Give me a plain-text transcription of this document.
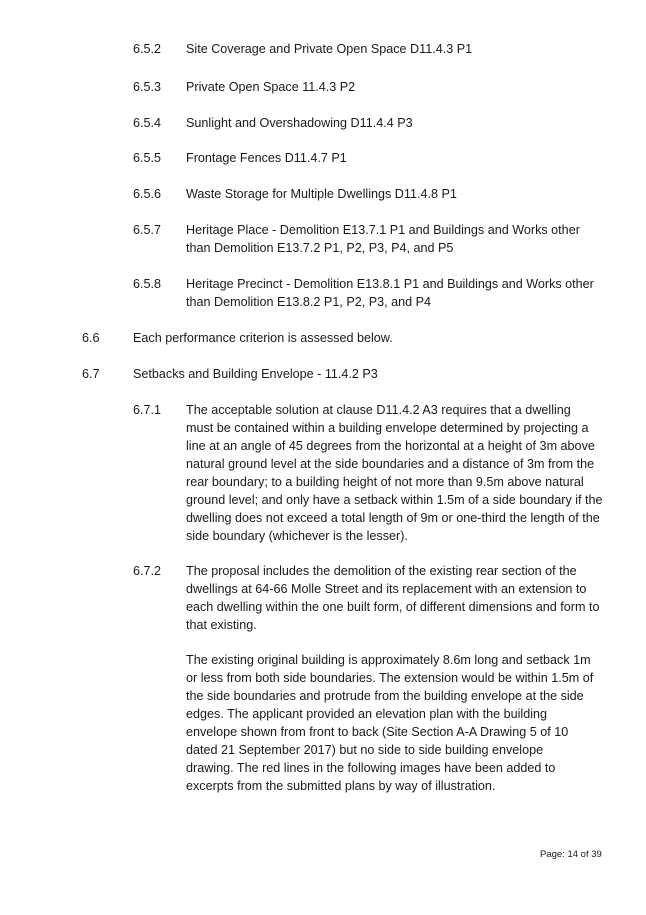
6.5.2 Site Coverage and Private Open Space D11.4.3 P1
6.5.3 Private Open Space 11.4.3 P2
6.5.4 Sunlight and Overshadowing D11.4.4 P3
6.5.5 Frontage Fences D11.4.7 P1
6.5.6 Waste Storage for Multiple Dwellings D11.4.8 P1
6.5.7 Heritage Place - Demolition E13.7.1 P1 and Buildings and Works other
than Demolition E13.7.2 P1, P2, P3, P4, and P5
6.5.8 Heritage Precinct - Demolition E13.8.1 P1 and Buildings and Works other
than Demolition E13.8.2 P1, P2, P3, and P4
6.6	Each performance criterion is assessed below.
6.7	Setbacks and Building Envelope - 11.4.2 P3
6.7.1 The acceptable solution at clause D11.4.2 A3 requires that a dwelling
must be contained within a building envelope determined by projecting a
line at an angle of 45 degrees from the horizontal at a height of 3m above
natural ground level at the side boundaries and a distance of 3m from the
rear boundary; to a building height of not more than 9.5m above natural
ground level; and only have a setback within 1.5m of a side boundary if the
dwelling does not exceed a total length of 9m or one-third the length of the
side boundary (whichever is the lesser).
6.7.2 The proposal includes the demolition of the existing rear section of the
dwellings at 64-66 Molle Street and its replacement with an extension to
each dwelling within the one built form, of different dimensions and form to
that existing.
The existing original building is approximately 8.6m long and setback 1m
or less from both side boundaries. The extension would be within 1.5m of
the side boundaries and protrude from the building envelope at the side
edges. The applicant provided an elevation plan with the building
envelope shown from front to back (Site Section A-A Drawing 5 of 10
dated 21 September 2017) but no side to side building envelope
drawing. The red lines in the following images have been added to
excerpts from the submitted plans by way of illustration.
Page: 14 of 39
